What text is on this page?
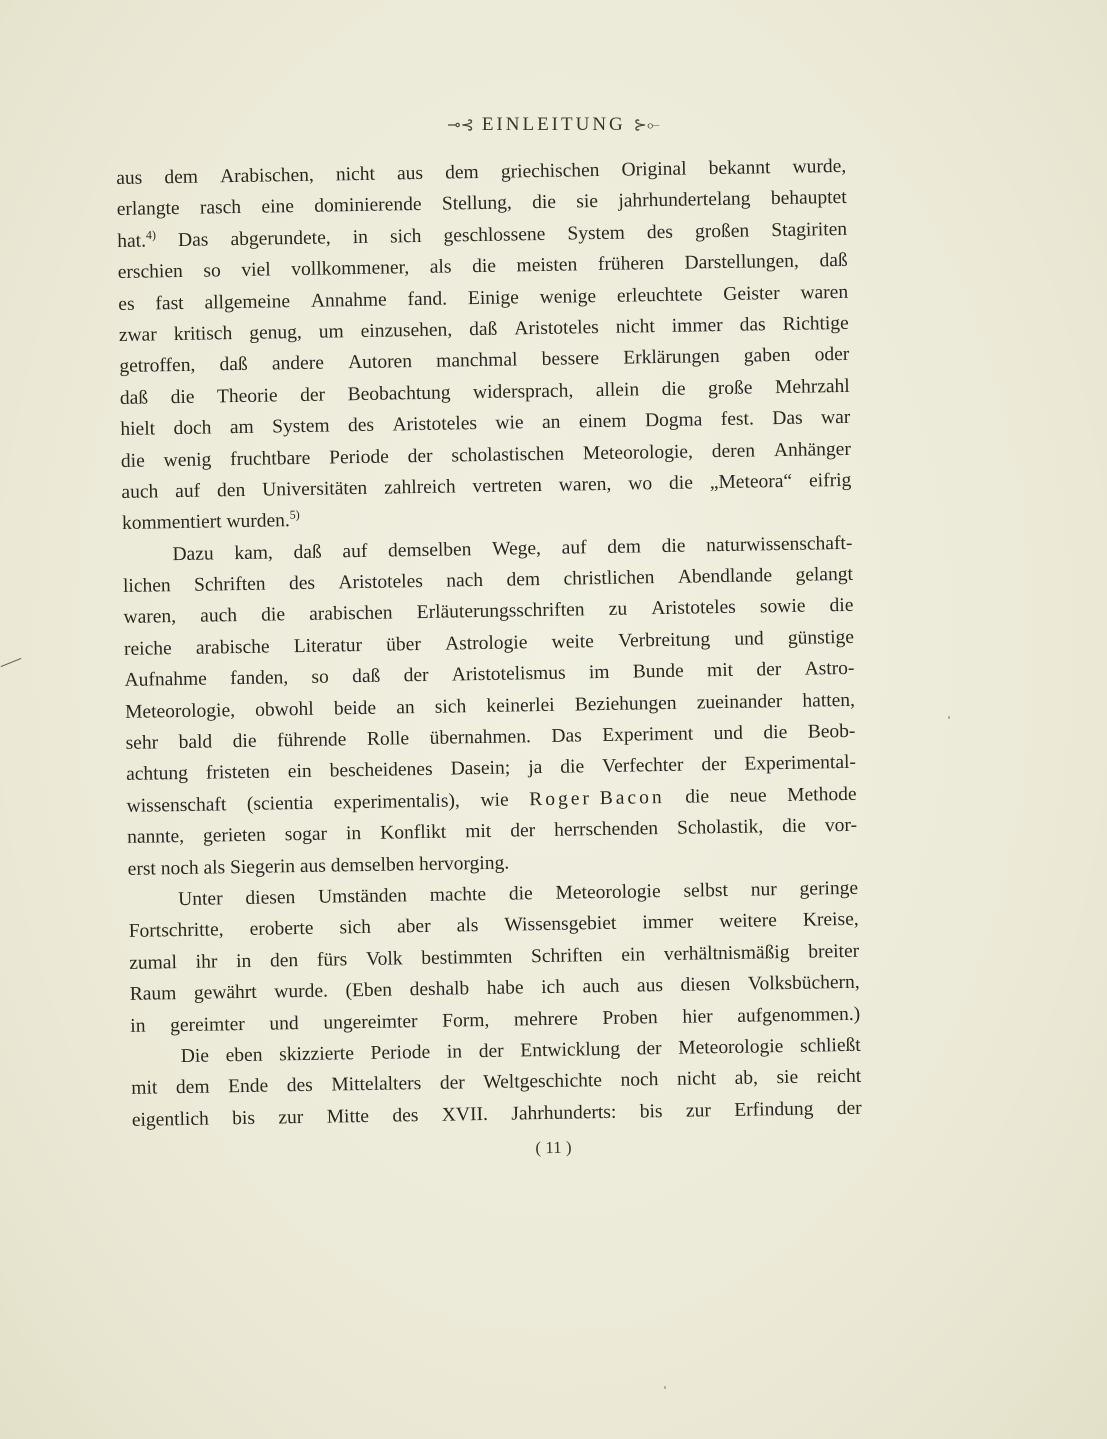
⊸⊰ EINLEITUNG ⊱⟜
aus dem Arabischen, nicht aus dem griechischen Original bekannt wurde,
erlangte rasch eine dominierende Stellung, die sie jahrhundertelang behauptet
hat.$^{4)}$ Das abgerundete, in sich geschlossene System des großen Stagiriten
erschien so viel vollkommener, als die meisten früheren Darstellungen, daß
es fast allgemeine Annahme fand. Einige wenige erleuchtete Geister waren
zwar kritisch genug, um einzusehen, daß Aristoteles nicht immer das Richtige
getroffen, daß andere Autoren manchmal bessere Erklärungen gaben oder
daß die Theorie der Beobachtung widersprach, allein die große Mehrzahl
hielt doch am System des Aristoteles wie an einem Dogma fest. Das war
die wenig fruchtbare Periode der scholastischen Meteorologie, deren Anhänger
auch auf den Universitäten zahlreich vertreten waren, wo die „Meteora“ eifrig
kommentiert
wurden.$^{5)}$

Dazu kam, daß auf demselben Wege, auf dem die naturwissenschaft-
lichen Schriften des Aristoteles nach dem christlichen Abendlande gelangt
waren, auch die arabischen Erläuterungsschriften zu Aristoteles sowie die
reiche arabische Literatur über Astrologie weite Verbreitung und günstige
Aufnahme fanden, so daß der Aristotelismus im Bunde mit der Astro-
Meteorologie, obwohl beide an sich keinerlei Beziehungen zueinander hatten,
sehr bald die führende Rolle übernahmen. Das Experiment und die Beob-
achtung fristeten ein bescheidenes Dasein; ja die Verfechter der Experimental-
wissenschaft (scientia experimentalis), wie Roger Bacon die neue Methode
nannte, gerieten sogar in Konflikt mit der herrschenden Scholastik, die vor-
erst
noch
als
Siegerin
aus
demselben
hervorging.

Unter diesen Umständen machte die Meteorologie selbst nur geringe
Fortschritte, eroberte sich aber als Wissensgebiet immer weitere Kreise,
zumal ihr in den fürs Volk bestimmten Schriften ein verhältnismäßig breiter
Raum gewährt wurde. (Eben deshalb habe ich auch aus diesen Volksbüchern,
in gereimter und ungereimter Form, mehrere Proben hier aufgenommen.)
Die eben skizzierte Periode in der Entwicklung der Meteorologie schließt
mit dem Ende des Mittelalters der Weltgeschichte noch nicht ab, sie reicht
eigentlich bis zur Mitte des XVII. Jahrhunderts: bis zur Erfindung der
( 11 )
